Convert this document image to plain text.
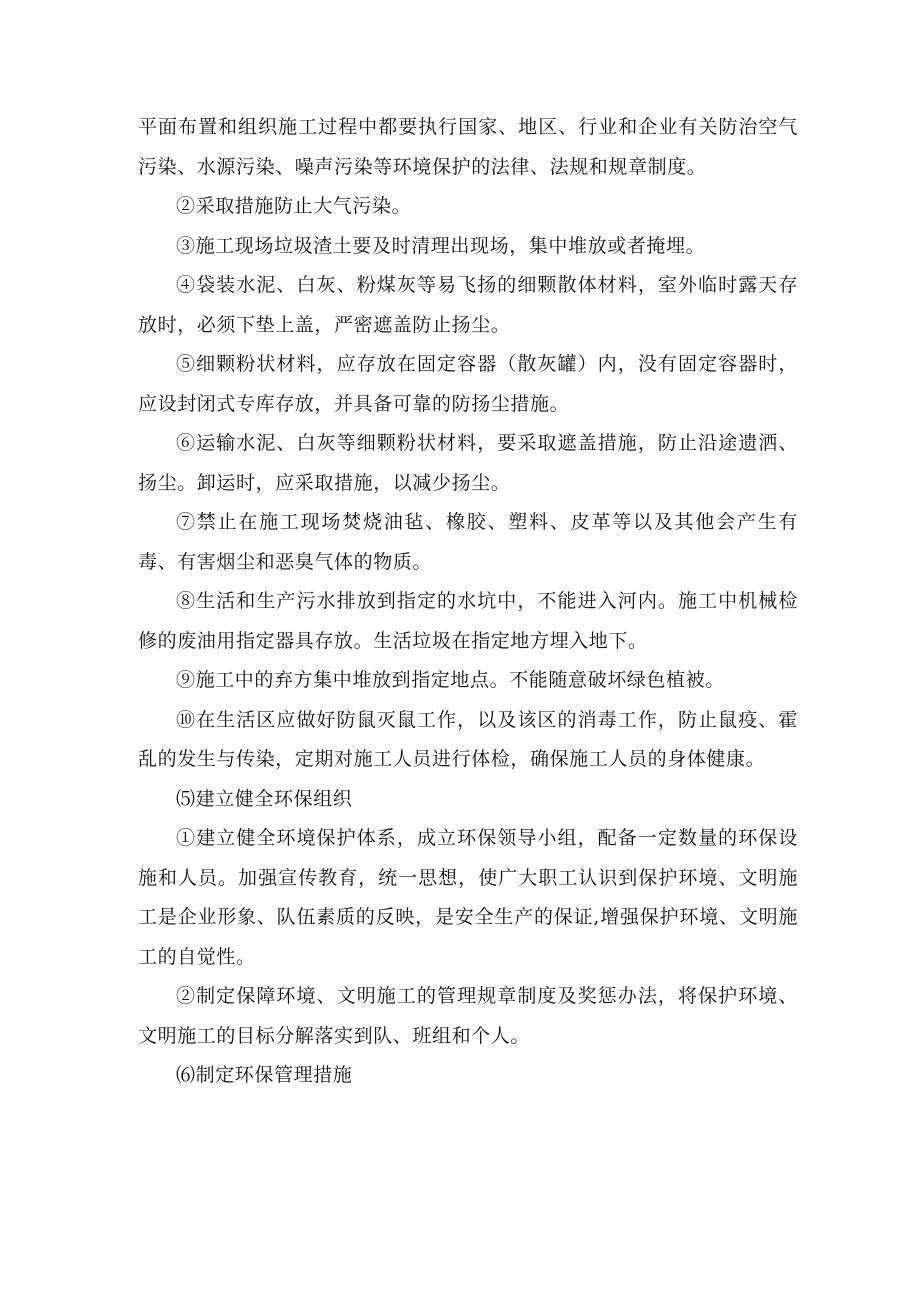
平面布置和组织施工过程中都要执行国家、地区、行业和企业有关防治空气污染、水源污染、噪声污染等环境保护的法律、法规和规章制度。

②采取措施防止大气污染。

③施工现场垃圾渣土要及时清理出现场，集中堆放或者掩埋。

④袋装水泥、白灰、粉煤灰等易飞扬的细颗散体材料，室外临时露天存放时，必须下垫上盖，严密遮盖防止扬尘。

⑤细颗粉状材料，应存放在固定容器（散灰罐）内，没有固定容器时，应设封闭式专库存放，并具备可靠的防扬尘措施。

⑥运输水泥、白灰等细颗粉状材料，要采取遮盖措施，防止沿途遗洒、扬尘。卸运时，应采取措施，以减少扬尘。

⑦禁止在施工现场焚烧油毡、橡胶、塑料、皮革等以及其他会产生有毒、有害烟尘和恶臭气体的物质。

⑧生活和生产污水排放到指定的水坑中，不能进入河内。施工中机械检修的废油用指定器具存放。生活垃圾在指定地方埋入地下。

⑨施工中的弃方集中堆放到指定地点。不能随意破坏绿色植被。

⑩在生活区应做好防鼠灭鼠工作，以及该区的消毒工作，防止鼠疫、霍乱的发生与传染，定期对施工人员进行体检，确保施工人员的身体健康。

⑸建立健全环保组织

①建立健全环境保护体系，成立环保领导小组，配备一定数量的环保设施和人员。加强宣传教育，统一思想，使广大职工认识到保护环境、文明施工是企业形象、队伍素质的反映，是安全生产的保证,增强保护环境、文明施工的自觉性。

②制定保障环境、文明施工的管理规章制度及奖惩办法，将保护环境、文明施工的目标分解落实到队、班组和个人。

⑹制定环保管理措施
